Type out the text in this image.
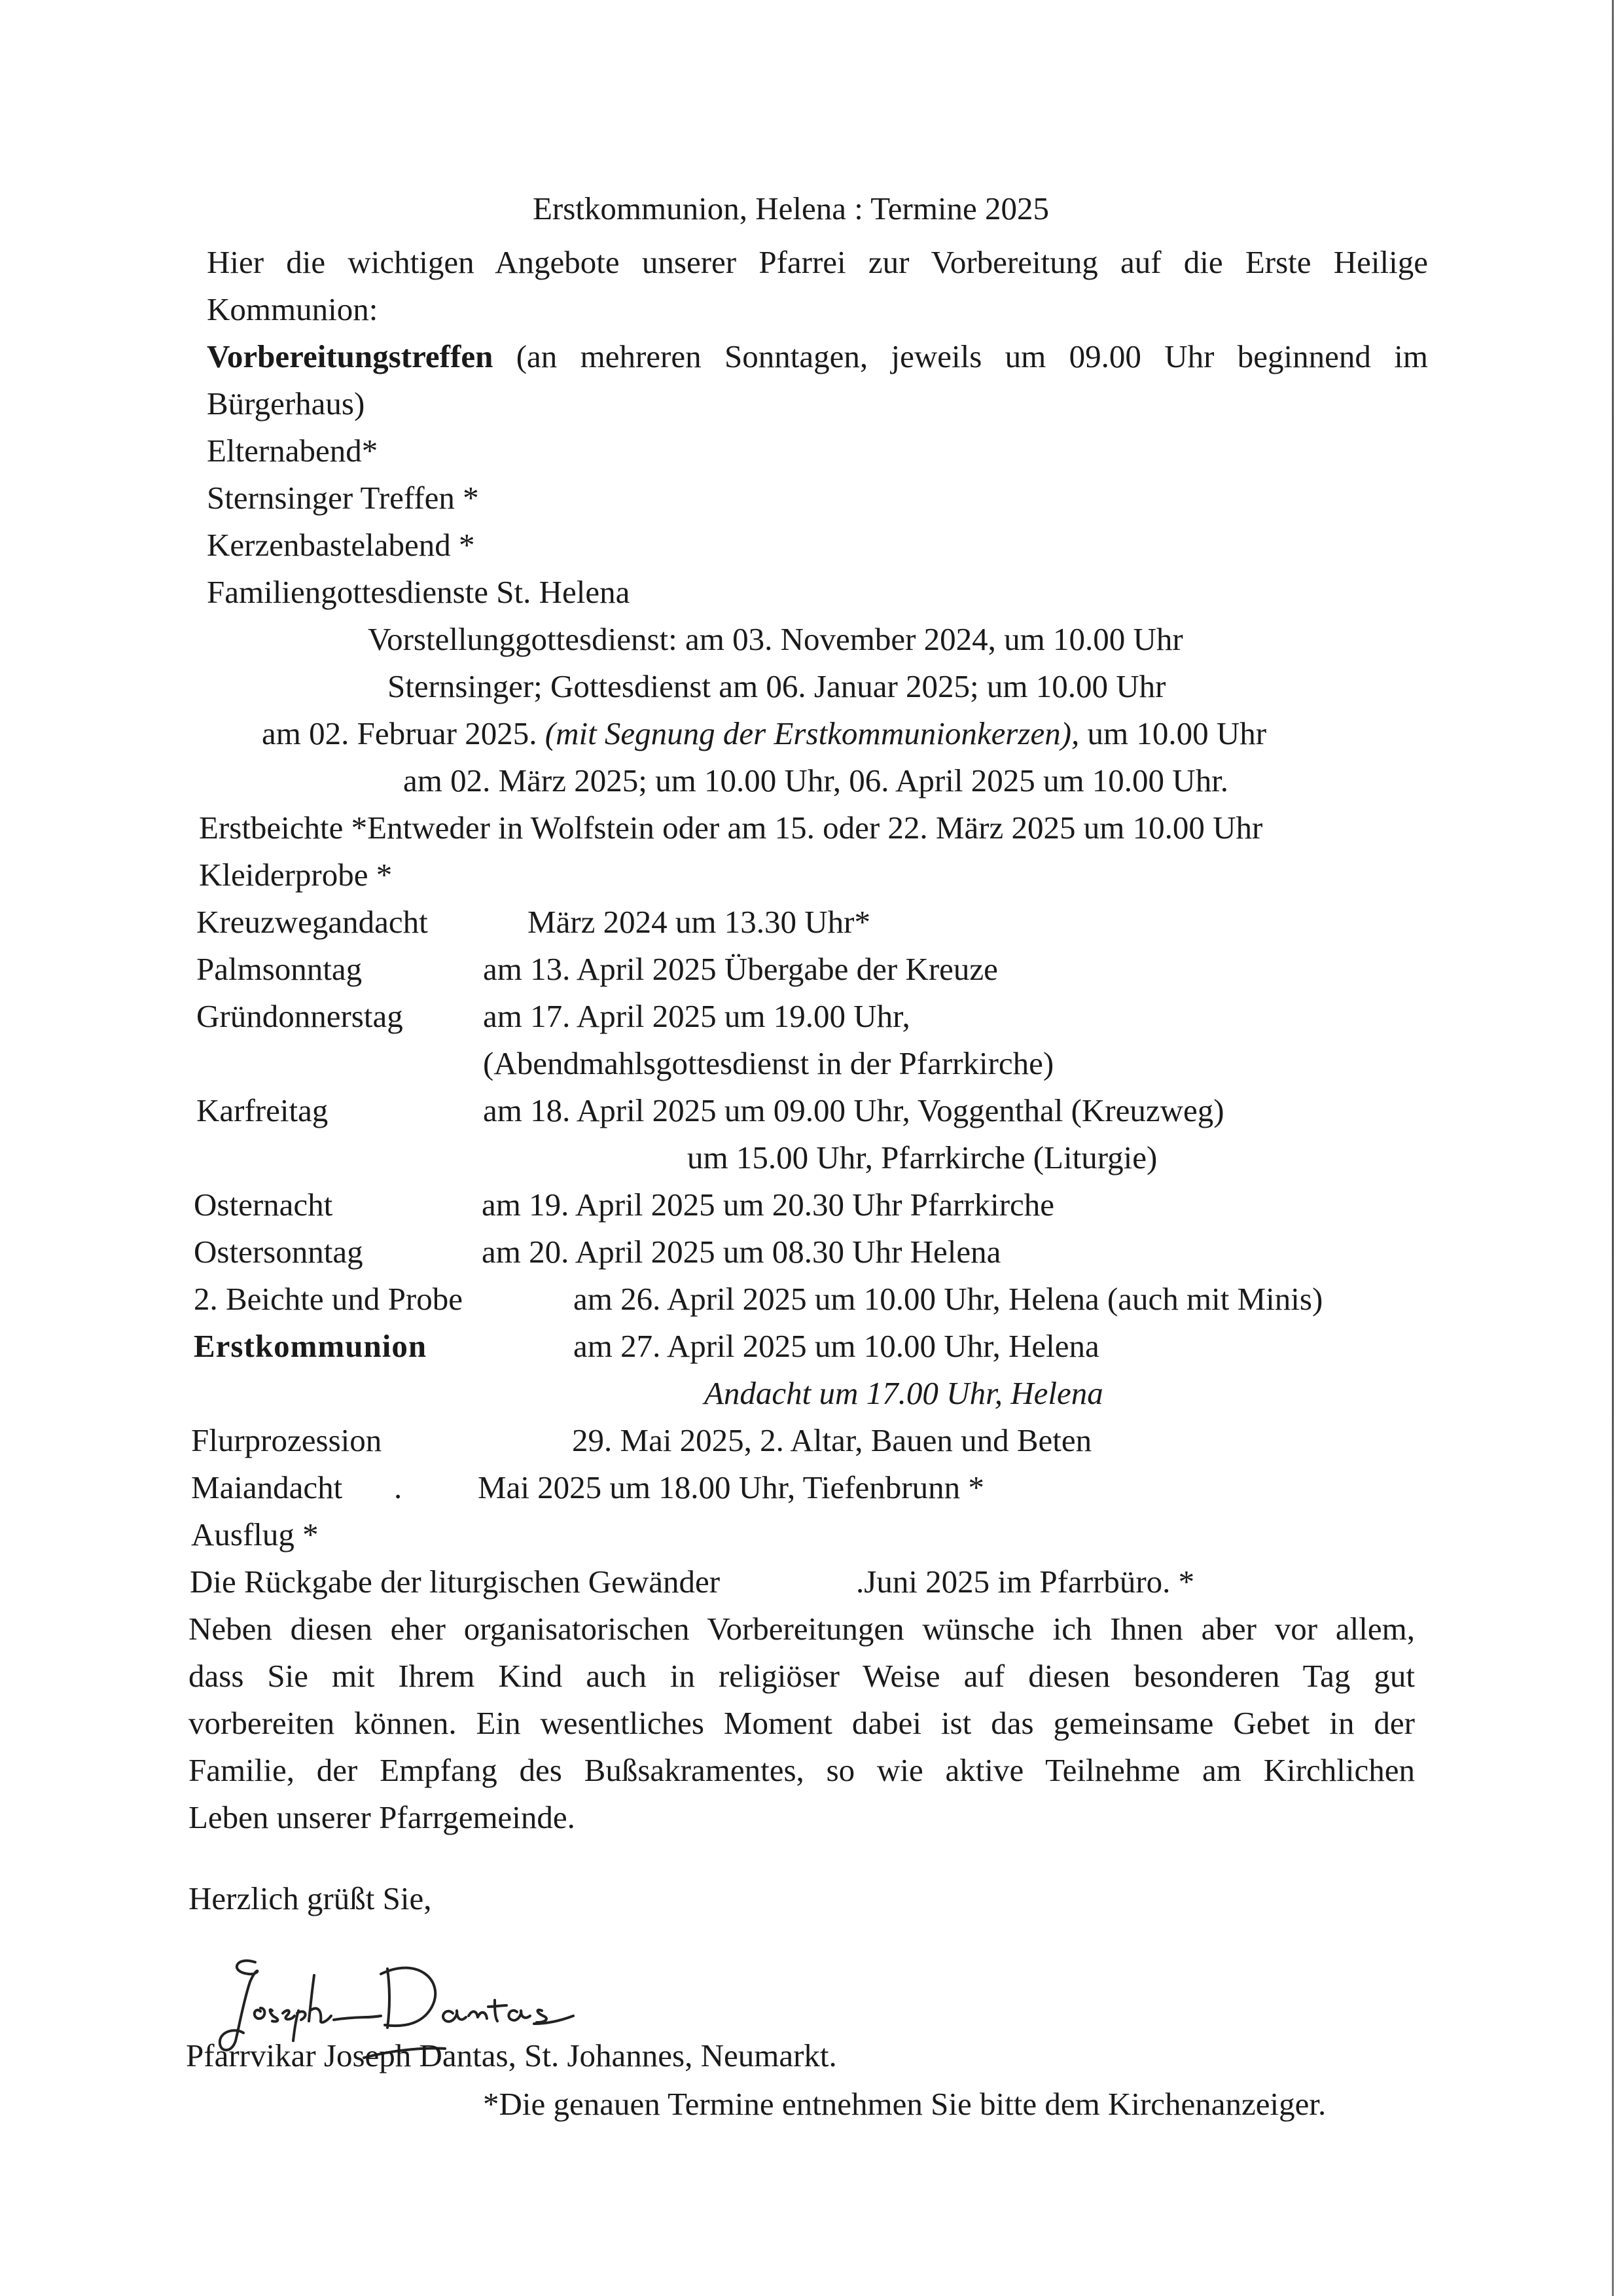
Erstkommunion, Helena : Termine 2025
Hier die wichtigen Angebote unserer Pfarrei zur Vorbereitung auf die Erste Heilige
Kommunion:
Vorbereitungstreffen (an mehreren Sonntagen, jeweils um 09.00 Uhr beginnend im
Bürgerhaus)
Elternabend*
Sternsinger Treffen *
Kerzenbastelabend *
Familiengottesdienste St. Helena
Vorstellunggottesdienst: am 03. November 2024, um 10.00 Uhr
Sternsinger; Gottesdienst am 06. Januar 2025; um 10.00 Uhr
am 02. Februar 2025. (mit Segnung der Erstkommunionkerzen), um 10.00 Uhr
am 02. März 2025; um 10.00 Uhr, 06. April 2025 um 10.00 Uhr.
Erstbeichte *Entweder in Wolfstein oder am 15. oder 22. März 2025 um 10.00 Uhr
Kleiderprobe *
Kreuzwegandacht	März 2024 um 13.30 Uhr*
Palmsonntag	am 13. April 2025 Übergabe der Kreuze
Gründonnerstag am 17. April 2025 um 19.00 Uhr,
(Abendmahlsgottesdienst in der Pfarrkirche)
Karfreitag	am 18. April 2025 um 09.00 Uhr, Voggenthal (Kreuzweg)
um 15.00 Uhr, Pfarrkirche (Liturgie)
Osternacht	am 19. April 2025 um 20.30 Uhr Pfarrkirche
Ostersonntag	am 20. April 2025 um 08.30 Uhr Helena
2. Beichte und Probe	am 26. April 2025 um 10.00 Uhr, Helena (auch mit Minis)
Erstkommunion	am 27. April 2025 um 10.00 Uhr, Helena
Andacht um 17.00 Uhr, Helena
Flurprozession	29. Mai 2025, 2. Altar, Bauen und Beten
Maiandacht . Mai 2025 um 18.00 Uhr, Tiefenbrunn *
Ausflug *
Die Rückgabe der liturgischen Gewänder	.Juni 2025 im Pfarrbüro. *
Neben diesen eher organisatorischen Vorbereitungen wünsche ich Ihnen aber vor allem,
dass Sie mit Ihrem Kind auch in religiöser Weise auf diesen besonderen Tag gut
vorbereiten können. Ein wesentliches Moment dabei ist das gemeinsame Gebet in der
Familie, der Empfang des Bußsakramentes, so wie aktive Teilnehme am Kirchlichen
Leben unserer Pfarrgemeinde.
Herzlich grüßt Sie,
Pfarrvikar Joseph Dantas, St. Johannes, Neumarkt.
*Die genauen Termine entnehmen Sie bitte dem Kirchenanzeiger.
